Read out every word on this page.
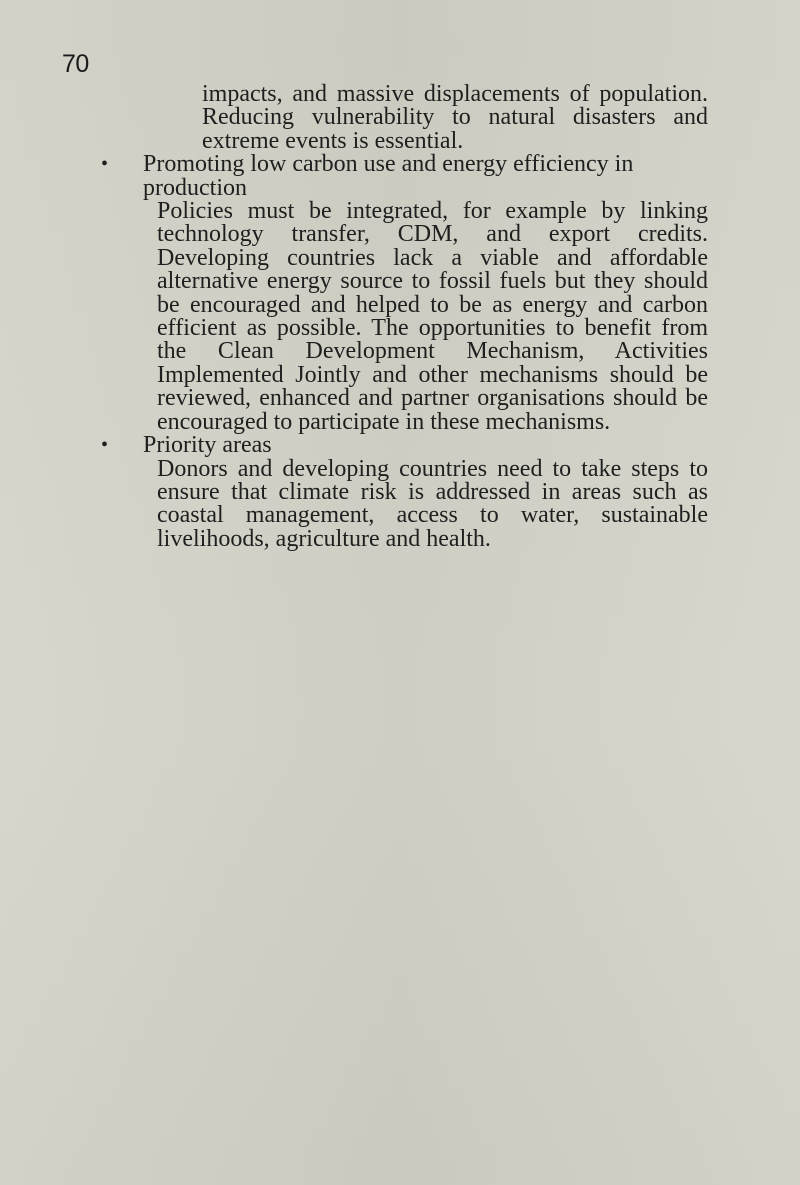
70

impacts, and massive displacements of population. Reducing vulnerability to natural disasters and extreme events is essential.

•	Promoting low carbon use and energy efficiency in production

Policies must be integrated, for example by linking technology transfer, CDM, and export credits. Developing countries lack a viable and affordable alternative energy source to fossil fuels but they should be encouraged and helped to be as energy and carbon efficient as possible. The opportunities to benefit from the Clean Development Mechanism, Activities Implemented Jointly and other mechanisms should be reviewed, enhanced and partner organisations should be encouraged to participate in these mechanisms.

•	Priority areas

Donors and developing countries need to take steps to ensure that climate risk is addressed in areas such as coastal management, access to water, sustainable livelihoods, agriculture and health.
